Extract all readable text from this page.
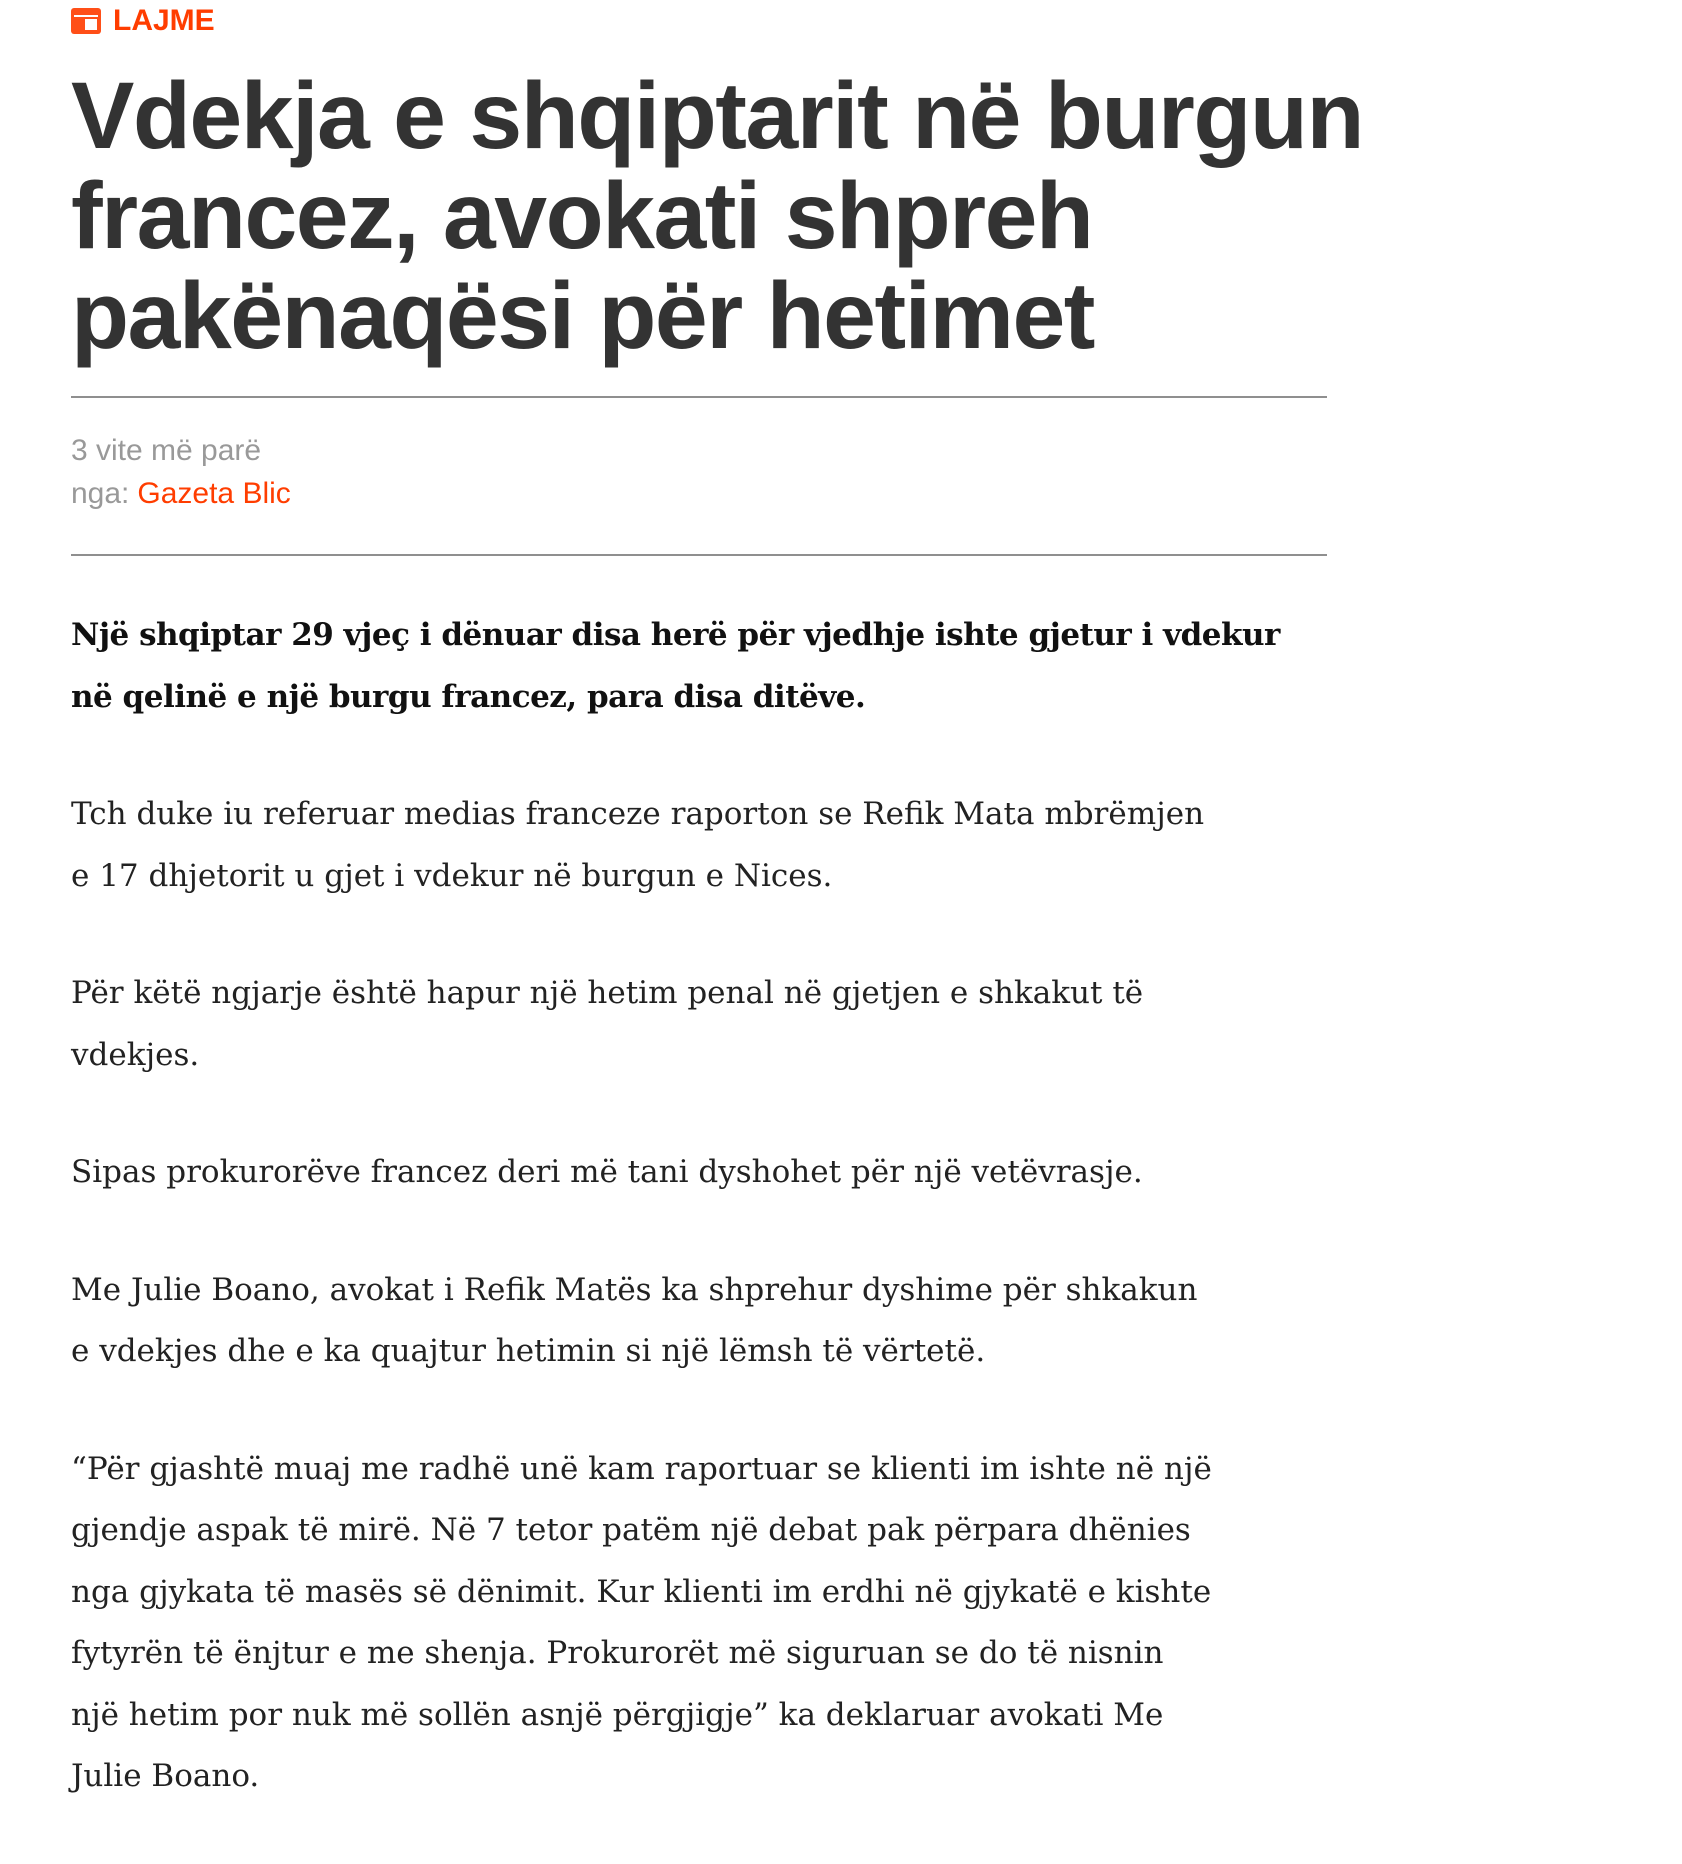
LAJME
Vdekja e shqiptarit në burgun
francez, avokati shpreh
pakënaqësi për hetimet
3 vite më parë
nga: Gazeta Blic

Një shqiptar 29 vjeç i dënuar disa herë për vjedhje ishte gjetur i vdekur
në qelinë e një burgu francez, para disa ditëve.

Tch duke iu referuar medias franceze raporton se Refik Mata mbrëmjen
e 17 dhjetorit u gjet i vdekur në burgun e Nices.

Për këtë ngjarje është hapur një hetim penal në gjetjen e shkakut të
vdekjes.

Sipas prokurorëve francez deri më tani dyshohet për një vetëvrasje.

Me Julie Boano, avokat i Refik Matës ka shprehur dyshime për shkakun
e vdekjes dhe e ka quajtur hetimin si një lëmsh të vërtetë.

“Për gjashtë muaj me radhë unë kam raportuar se klienti im ishte në një
gjendje aspak të mirë. Në 7 tetor patëm një debat pak përpara dhënies
nga gjykata të masës së dënimit. Kur klienti im erdhi në gjykatë e kishte
fytyrën të ënjtur e me shenja. Prokurorët më siguruan se do të nisnin
një hetim por nuk më sollën asnjë përgjigje” ka deklaruar avokati Me
Julie Boano.
